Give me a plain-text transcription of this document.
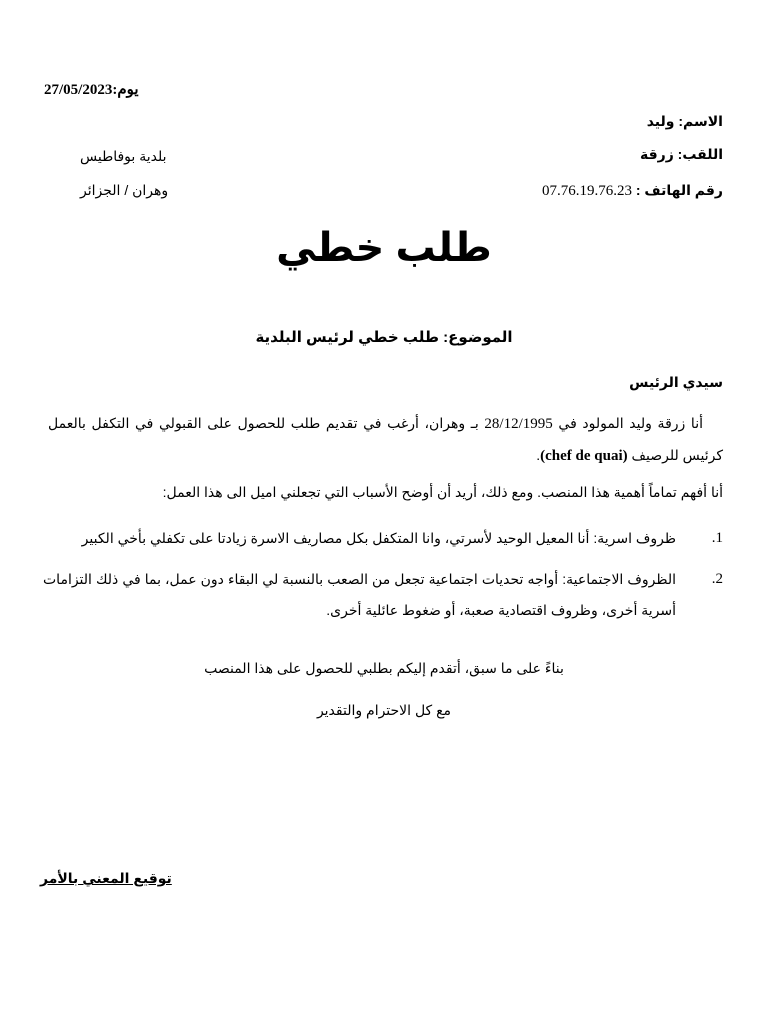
يوم:27/05/2023
الاسم: وليد
اللقب: زرقة
رقم الهاتف : 07.76.19.76.23
بلدية بوفاطيس
وهران / الجزائر
طلب خطي
الموضوع: طلب خطي لرئيس البلدية
سيدي الرئيس
أنا زرقة وليد المولود في 28/12/1995 بـ وهران، أرغب في تقديم طلب للحصول على القبولي في التكفل بالعمل كرئيس للرصيف (chef de quai).
أنا أفهم تماماً أهمية هذا المنصب. ومع ذلك، أريد أن أوضح الأسباب التي تجعلني اميل الى هذا العمل:
1.
ظروف اسرية: أنا المعيل الوحيد لأسرتي، وانا المتكفل بكل مصاريف الاسرة زيادتا على تكفلي بأخي الكبير
2.
الظروف الاجتماعية: أواجه تحديات اجتماعية تجعل من الصعب بالنسبة لي البقاء دون عمل، بما في ذلك التزامات أسرية أخرى، وظروف اقتصادية صعبة، أو ضغوط عائلية أخرى.
بناءً على ما سبق، أتقدم إليكم بطلبي للحصول على هذا المنصب
مع كل الاحترام والتقدير
توقيع المعني بالأمر
